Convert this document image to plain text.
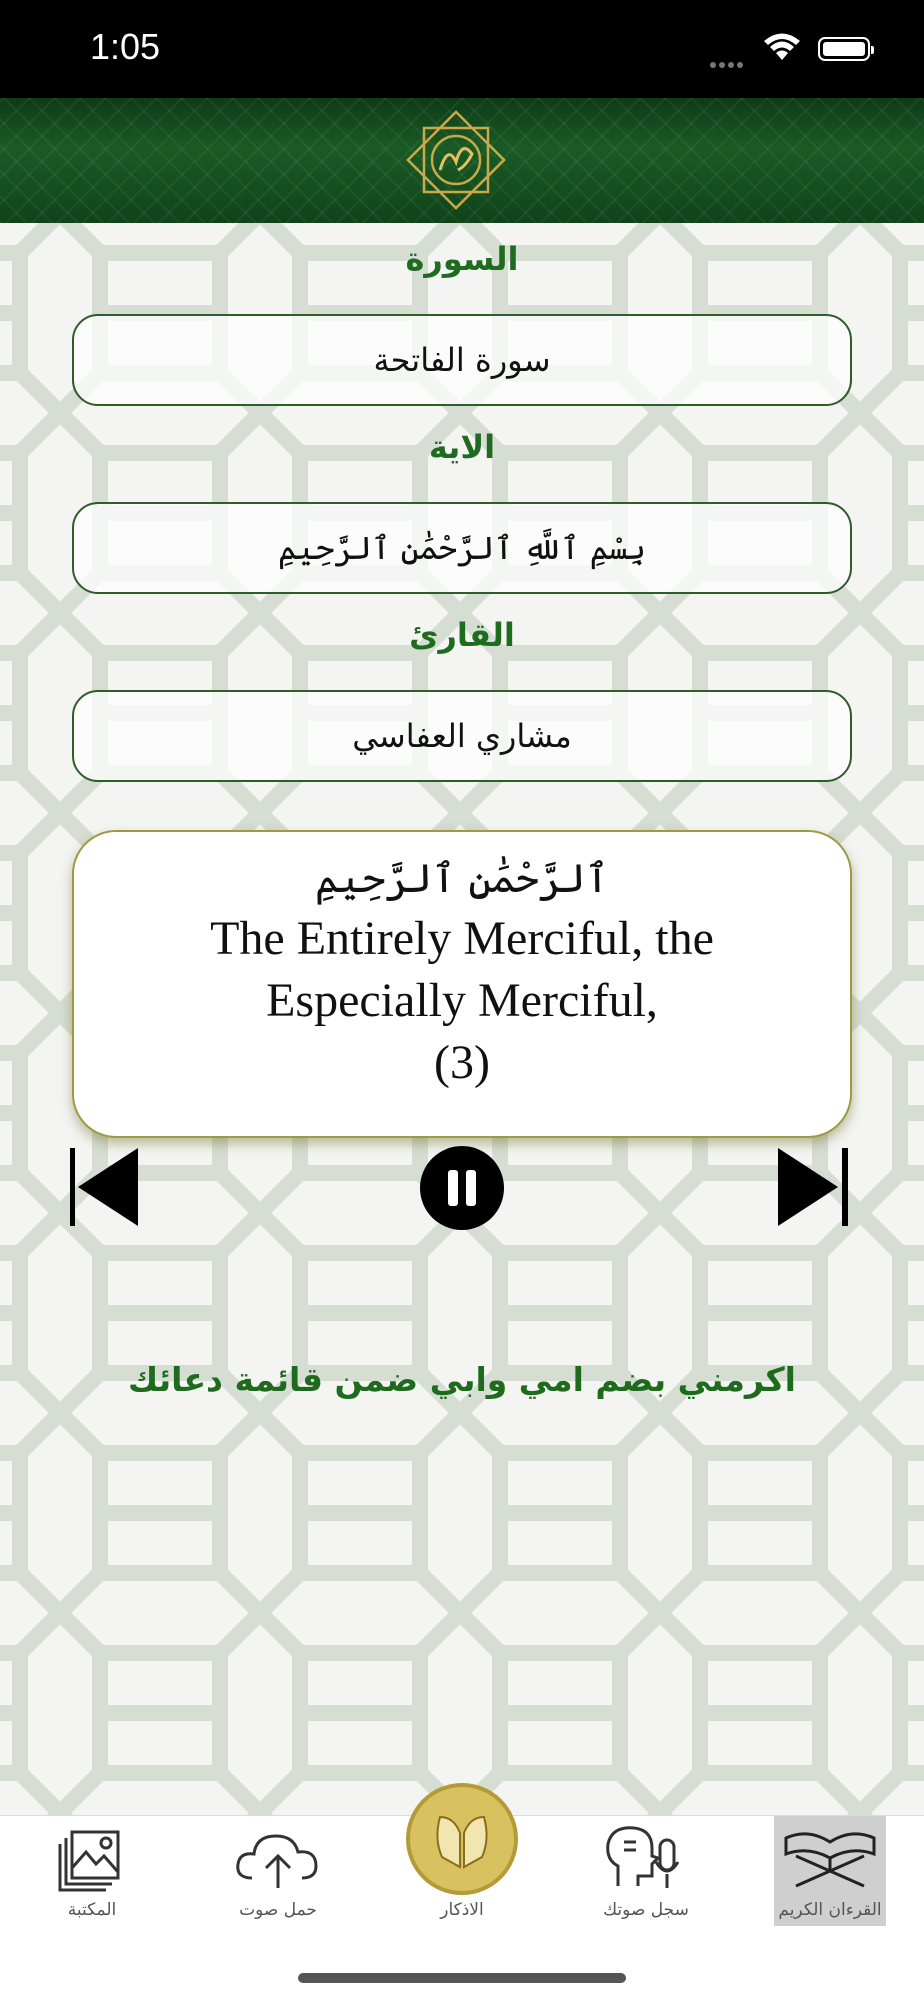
1:05
السورة
سورة الفاتحة
الاية
بِسْمِ ٱللَّهِ ٱلرَّحْمَٰنِ ٱلرَّحِيمِ
القارئ
مشاري العفاسي
ٱلرَّحْمَٰنِ ٱلرَّحِيمِ
The Entirely Merciful, the Especially Merciful,
(3)
اكرمني بضم امي وابي ضمن قائمة دعائك
المكتبة	حمل صوت	الاذكار	سجل صوتك	القرءان الكريم
